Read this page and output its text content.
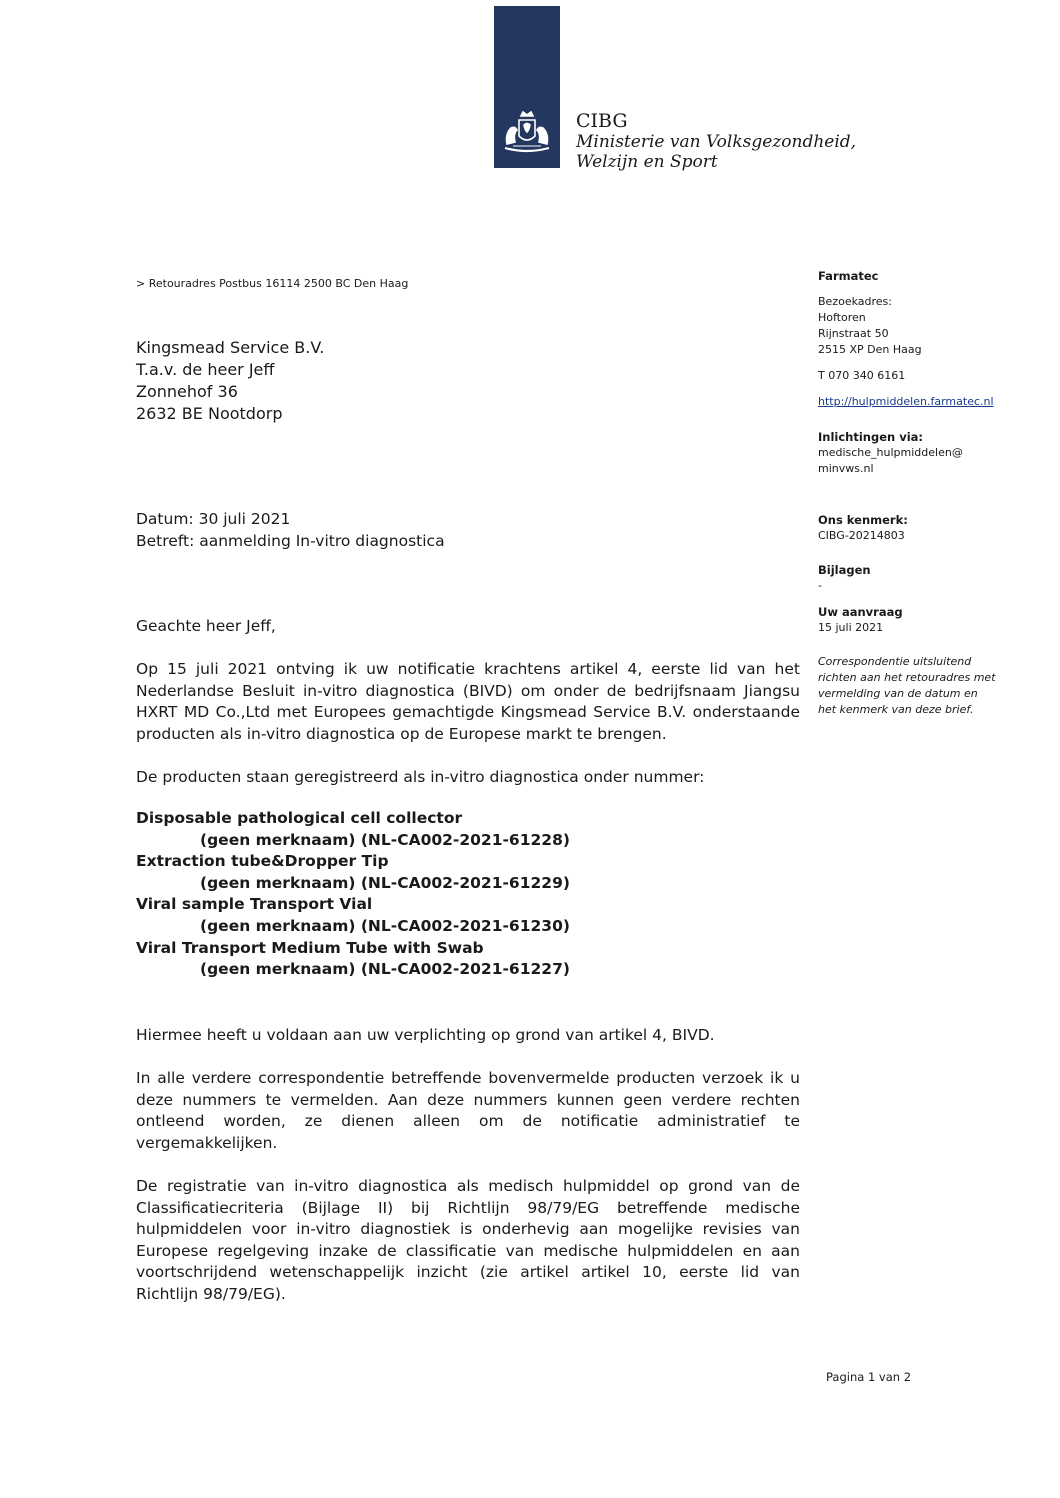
CIBG
Ministerie van Volksgezondheid,
Welzijn en Sport
> Retouradres Postbus 16114 2500 BC Den Haag
Kingsmead Service B.V.
T.a.v. de heer Jeff
Zonnehof 36
2632 BE Nootdorp
Farmatec
Bezoekadres:
Hoftoren
Rijnstraat 50
2515 XP Den Haag
T 070 340 6161
http://hulpmiddelen.farmatec.nl
Inlichtingen via:
medische_hulpmiddelen@
minvws.nl
Ons kenmerk:
CIBG-20214803
Bijlagen
-
Uw aanvraag
15 juli 2021
Correspondentie uitsluitend
richten aan het retouradres met
vermelding van de datum en
het kenmerk van deze brief.
Datum: 30 juli 2021
Betreft: aanmelding In-vitro diagnostica
Geachte heer Jeff,
Op 15 juli 2021 ontving ik uw notificatie krachtens artikel 4, eerste lid van het Nederlandse Besluit in-vitro diagnostica (BIVD) om onder de bedrijfsnaam Jiangsu HXRT MD Co.,Ltd met Europees gemachtigde Kingsmead Service B.V. onderstaande producten als in-vitro diagnostica op de Europese markt te brengen.
De producten staan geregistreerd als in-vitro diagnostica onder nummer:
Disposable pathological cell collector
(geen merknaam) (NL-CA002-2021-61228)
Extraction tube&Dropper Tip
(geen merknaam) (NL-CA002-2021-61229)
Viral sample Transport Vial
(geen merknaam) (NL-CA002-2021-61230)
Viral Transport Medium Tube with Swab
(geen merknaam) (NL-CA002-2021-61227)
Hiermee heeft u voldaan aan uw verplichting op grond van artikel 4, BIVD.
In alle verdere correspondentie betreffende bovenvermelde producten verzoek ik u deze nummers te vermelden. Aan deze nummers kunnen geen verdere rechten ontleend worden, ze dienen alleen om de notificatie administratief te vergemakkelijken.
De registratie van in-vitro diagnostica als medisch hulpmiddel op grond van de Classificatiecriteria (Bijlage II) bij Richtlijn 98/79/EG betreffende medische hulpmiddelen voor in-vitro diagnostiek is onderhevig aan mogelijke revisies van Europese regelgeving inzake de classificatie van medische hulpmiddelen en aan voortschrijdend wetenschappelijk inzicht (zie artikel artikel 10, eerste lid van Richtlijn 98/79/EG).
Pagina 1 van 2
